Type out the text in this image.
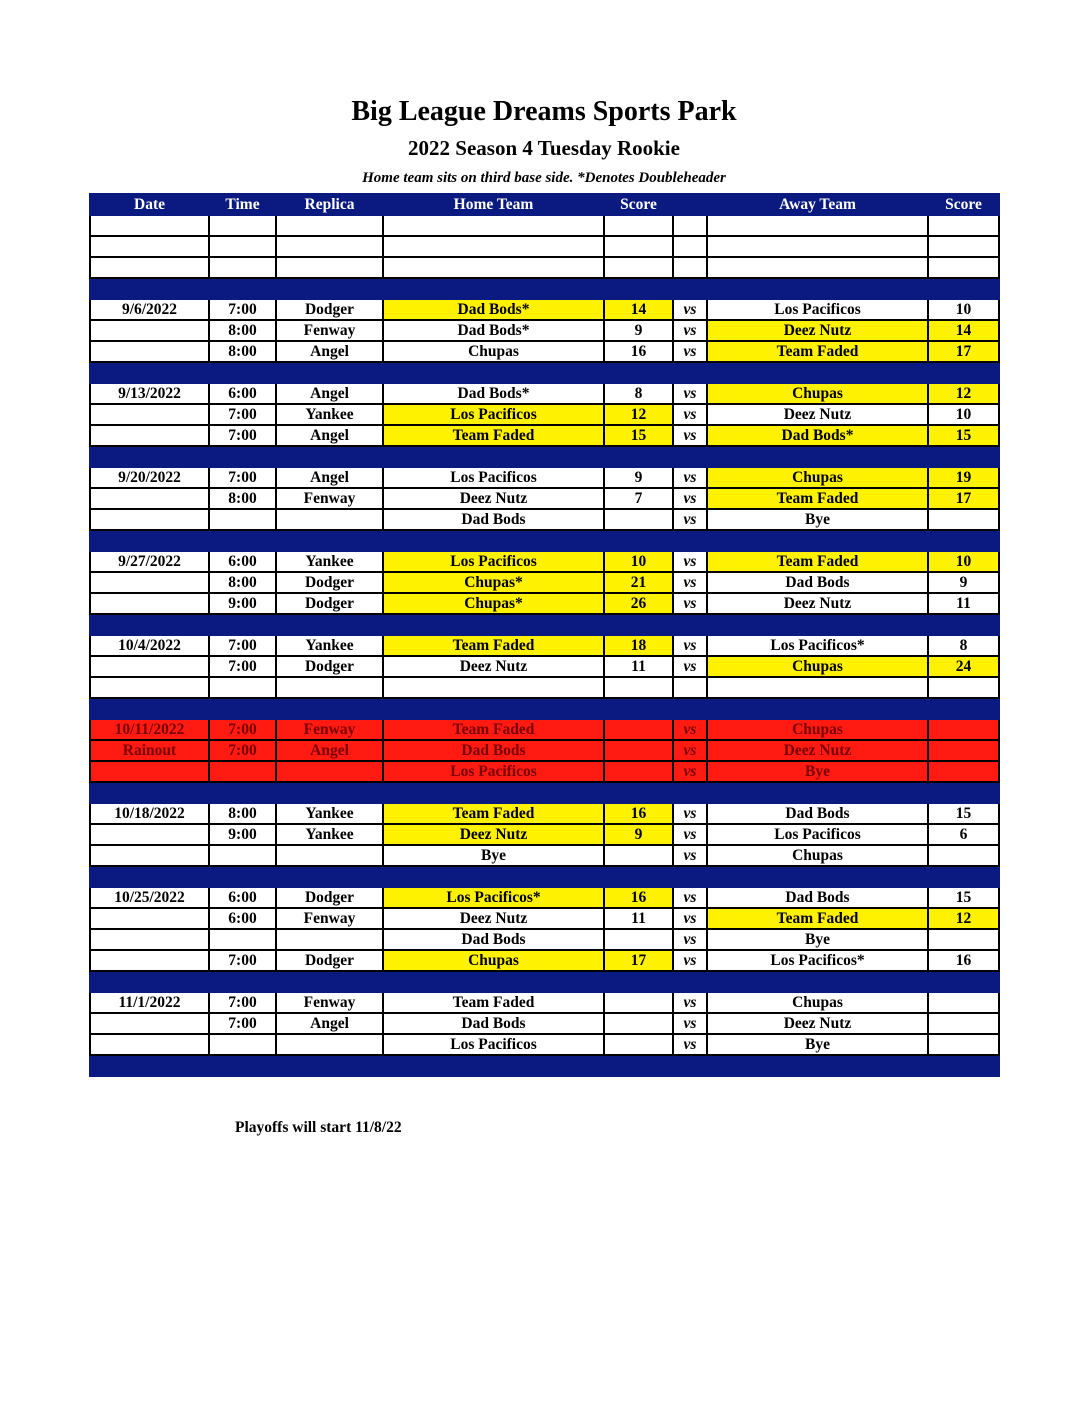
Big League Dreams Sports Park
2022 Season 4 Tuesday Rookie
Home team sits on third base side. *Denotes Doubleheader
Date	Time	Replica	Home Team	Score		Away Team	Score

9/6/2022	7:00	Dodger	Dad Bods*	14	vs	Los Pacificos	10
	8:00	Fenway	Dad Bods*	9	vs	Deez Nutz	14
	8:00	Angel	Chupas	16	vs	Team Faded	17

9/13/2022	6:00	Angel	Dad Bods*	8	vs	Chupas	12
	7:00	Yankee	Los Pacificos	12	vs	Deez Nutz	10
	7:00	Angel	Team Faded	15	vs	Dad Bods*	15

9/20/2022	7:00	Angel	Los Pacificos	9	vs	Chupas	19
	8:00	Fenway	Deez Nutz	7	vs	Team Faded	17
			Dad Bods		vs	Bye	

9/27/2022	6:00	Yankee	Los Pacificos	10	vs	Team Faded	10
	8:00	Dodger	Chupas*	21	vs	Dad Bods	9
	9:00	Dodger	Chupas*	26	vs	Deez Nutz	11

10/4/2022	7:00	Yankee	Team Faded	18	vs	Los Pacificos*	8
	7:00	Dodger	Deez Nutz	11	vs	Chupas	24

10/11/2022	7:00	Fenway	Team Faded		vs	Chupas	
Rainout	7:00	Angel	Dad Bods		vs	Deez Nutz	
			Los Pacificos		vs	Bye	

10/18/2022	8:00	Yankee	Team Faded	16	vs	Dad Bods	15
	9:00	Yankee	Deez Nutz	9	vs	Los Pacificos	6
			Bye		vs	Chupas	

10/25/2022	6:00	Dodger	Los Pacificos*	16	vs	Dad Bods	15
	6:00	Fenway	Deez Nutz	11	vs	Team Faded	12
			Dad Bods		vs	Bye	
	7:00	Dodger	Chupas	17	vs	Los Pacificos*	16

11/1/2022	7:00	Fenway	Team Faded		vs	Chupas	
	7:00	Angel	Dad Bods		vs	Deez Nutz	
			Los Pacificos		vs	Bye	

Playoffs will start 11/8/22
